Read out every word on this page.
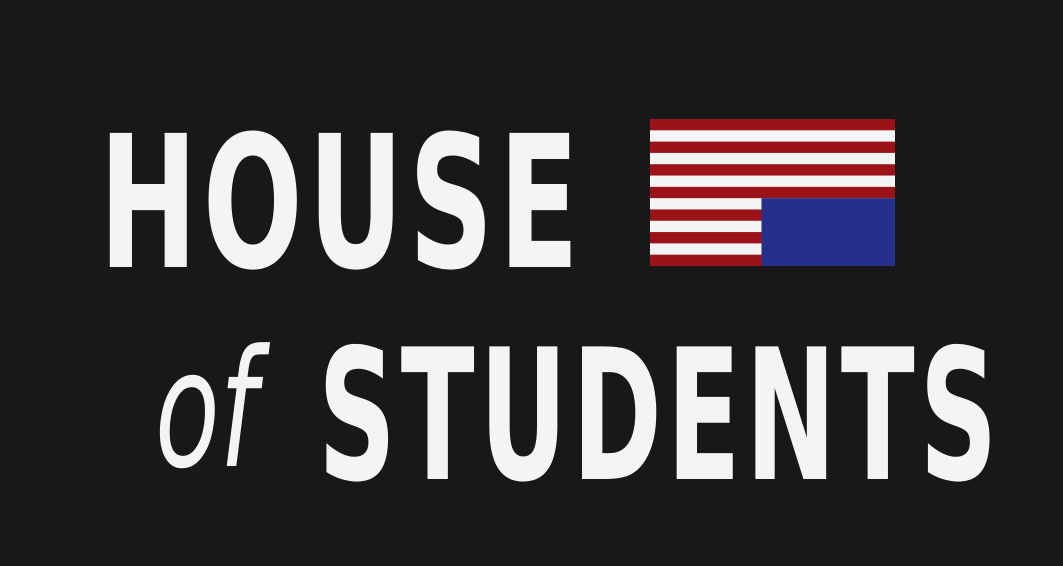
HOUSE
of STUDENTS
